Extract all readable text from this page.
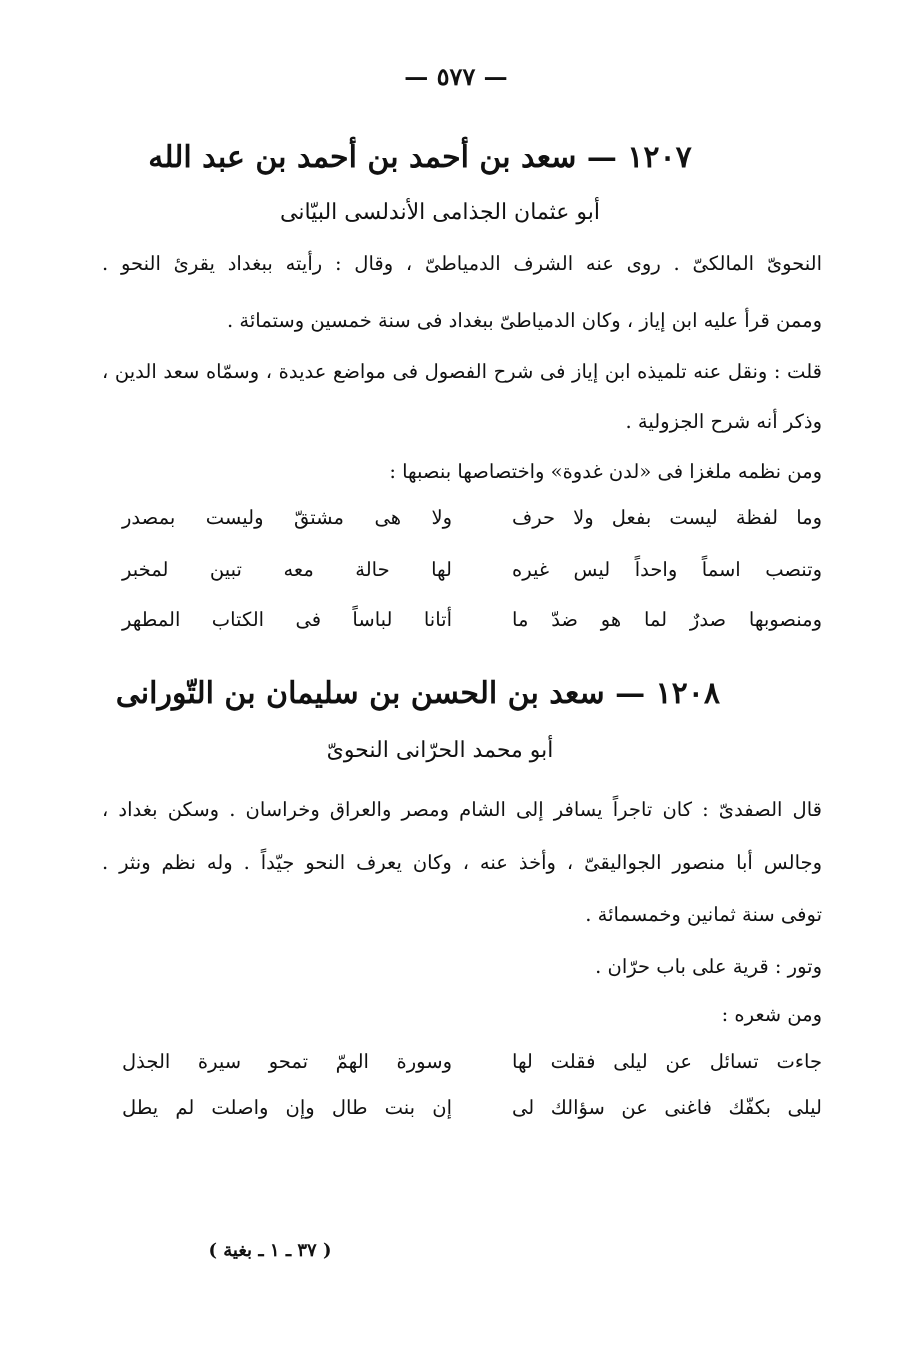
— ٥٧٧ —
١٢٠٧ — سعد بن أحمد بن أحمد بن عبد الله
أبو عثمان الجذامى الأندلسى البيّانى
النحوىّ المالكىّ . روى عنه الشرف الدمياطىّ ، وقال : رأيته ببغداد يقرئ النحو .
وممن قرأ عليه ابن إياز ، وكان الدمياطىّ ببغداد فى سنة خمسين وستمائة .
قلت : ونقل عنه تلميذه ابن إياز فى شرح الفصول فى مواضع عديدة ، وسمّاه سعد الدين ،
وذكر أنه شرح الجزولية .
ومن نظمه ملغزا فى «لدن غدوة» واختصاصها بنصبها :
وما لفظة ليست بفعل ولا حرف
ولا هى مشتقّ وليست بمصدر
وتنصب اسماً واحداً ليس غيره
لها حالة معه تبين لمخبر
ومنصوبها صدرٌ لما هو ضدّ ما
أتانا لباساً فى الكتاب المطهر
١٢٠٨ — سعد بن الحسن بن سليمان بن التّورانى
أبو محمد الحرّانى النحوىّ
قال الصفدىّ : كان تاجراً يسافر إلى الشام ومصر والعراق وخراسان . وسكن بغداد ،
وجالس أبا منصور الجواليقىّ ، وأخذ عنه ، وكان يعرف النحو جيّداً . وله نظم ونثر .
توفى سنة ثمانين وخمسمائة .
وتور : قرية على باب حرّان .
ومن شعره :
جاءت تسائل عن ليلى فقلت لها
وسورة الهمّ تمحو سيرة الجذل
ليلى بكفّك فاغنى عن سؤالك لى
إن بنت طال وإن واصلت لم يطل
( ٣٧ ـ ١ ـ بغية )
